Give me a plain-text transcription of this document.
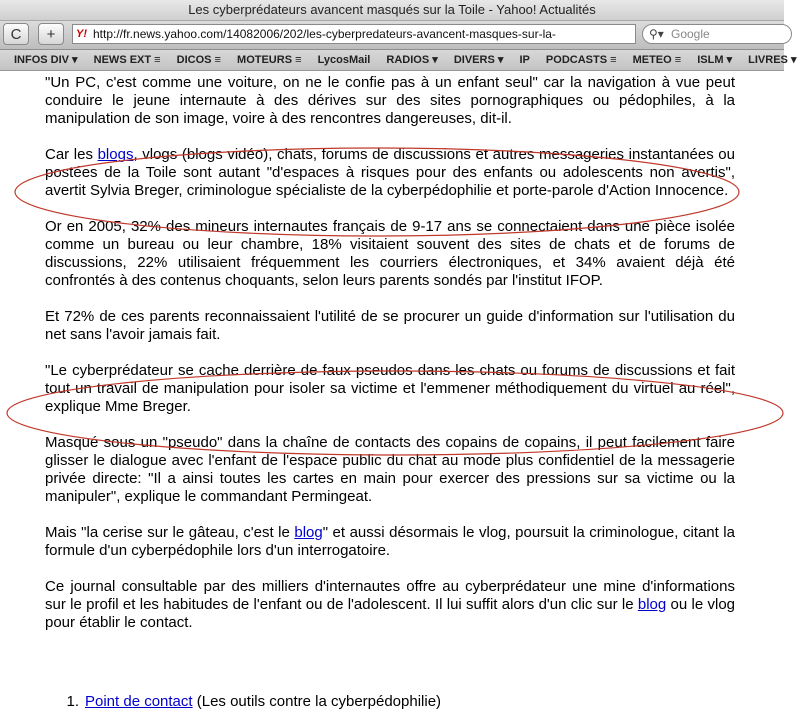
Les cyberprédateurs avancent masqués sur la Toile - Yahoo! Actualités
C	+	Y! http://fr.news.yahoo.com/14082006/202/les-cyberpredateurs-avancent-masques-sur-la-	⚲▾ Google
INFOS DIV ▾ NEWS EXT ≡ DICOS ≡ MOTEURS ≡ LycosMail RADIOS ▾ DIVERS ▾ IP PODCASTS ≡ METEO ≡ ISLM ▾ LIVRES ▾

"Un PC, c'est comme une voiture, on ne le confie pas à un enfant seul" car la navigation à vue peut conduire le jeune internaute à des dérives sur des sites pornographiques ou pédophiles, à la manipulation de son image, voire à des rencontres dangereuses, dit-il.

Car les blogs, vlogs (blogs vidéo), chats, forums de discussions et autres messageries instantanées ou postées de la Toile sont autant "d'espaces à risques pour des enfants ou adolescents non avertis", avertit Sylvia Breger, criminologue spécialiste de la cyberpédophilie et porte-parole d'Action Innocence.

Or en 2005, 32% des mineurs internautes français de 9-17 ans se connectaient dans une pièce isolée comme un bureau ou leur chambre, 18% visitaient souvent des sites de chats et de forums de discussions, 22% utilisaient fréquemment les courriers électroniques, et 34% avaient déjà été confrontés à des contenus choquants, selon leurs parents sondés par l'institut IFOP.

Et 72% de ces parents reconnaissaient l'utilité de se procurer un guide d'information sur l'utilisation du net sans l'avoir jamais fait.

"Le cyberprédateur se cache derrière de faux pseudos dans les chats ou forums de discussions et fait tout un travail de manipulation pour isoler sa victime et l'emmener méthodiquement du virtuel au réel", explique Mme Breger.

Masqué sous un "pseudo" dans la chaîne de contacts des copains de copains, il peut facilement faire glisser le dialogue avec l'enfant de l'espace public du chat au mode plus confidentiel de la messagerie privée directe: "Il a ainsi toutes les cartes en main pour exercer des pressions sur sa victime ou la manipuler", explique le commandant Permingeat.

Mais "la cerise sur le gâteau, c'est le blog" et aussi désormais le vlog, poursuit la criminologue, citant la formule d'un cyberpédophile lors d'un interrogatoire.

Ce journal consultable par des milliers d'internautes offre au cyberprédateur une mine d'informations sur le profil et les habitudes de l'enfant ou de l'adolescent. Il lui suffit alors d'un clic sur le blog ou le vlog pour établir le contact.

1. Point de contact (Les outils contre la cyberpédophilie)
